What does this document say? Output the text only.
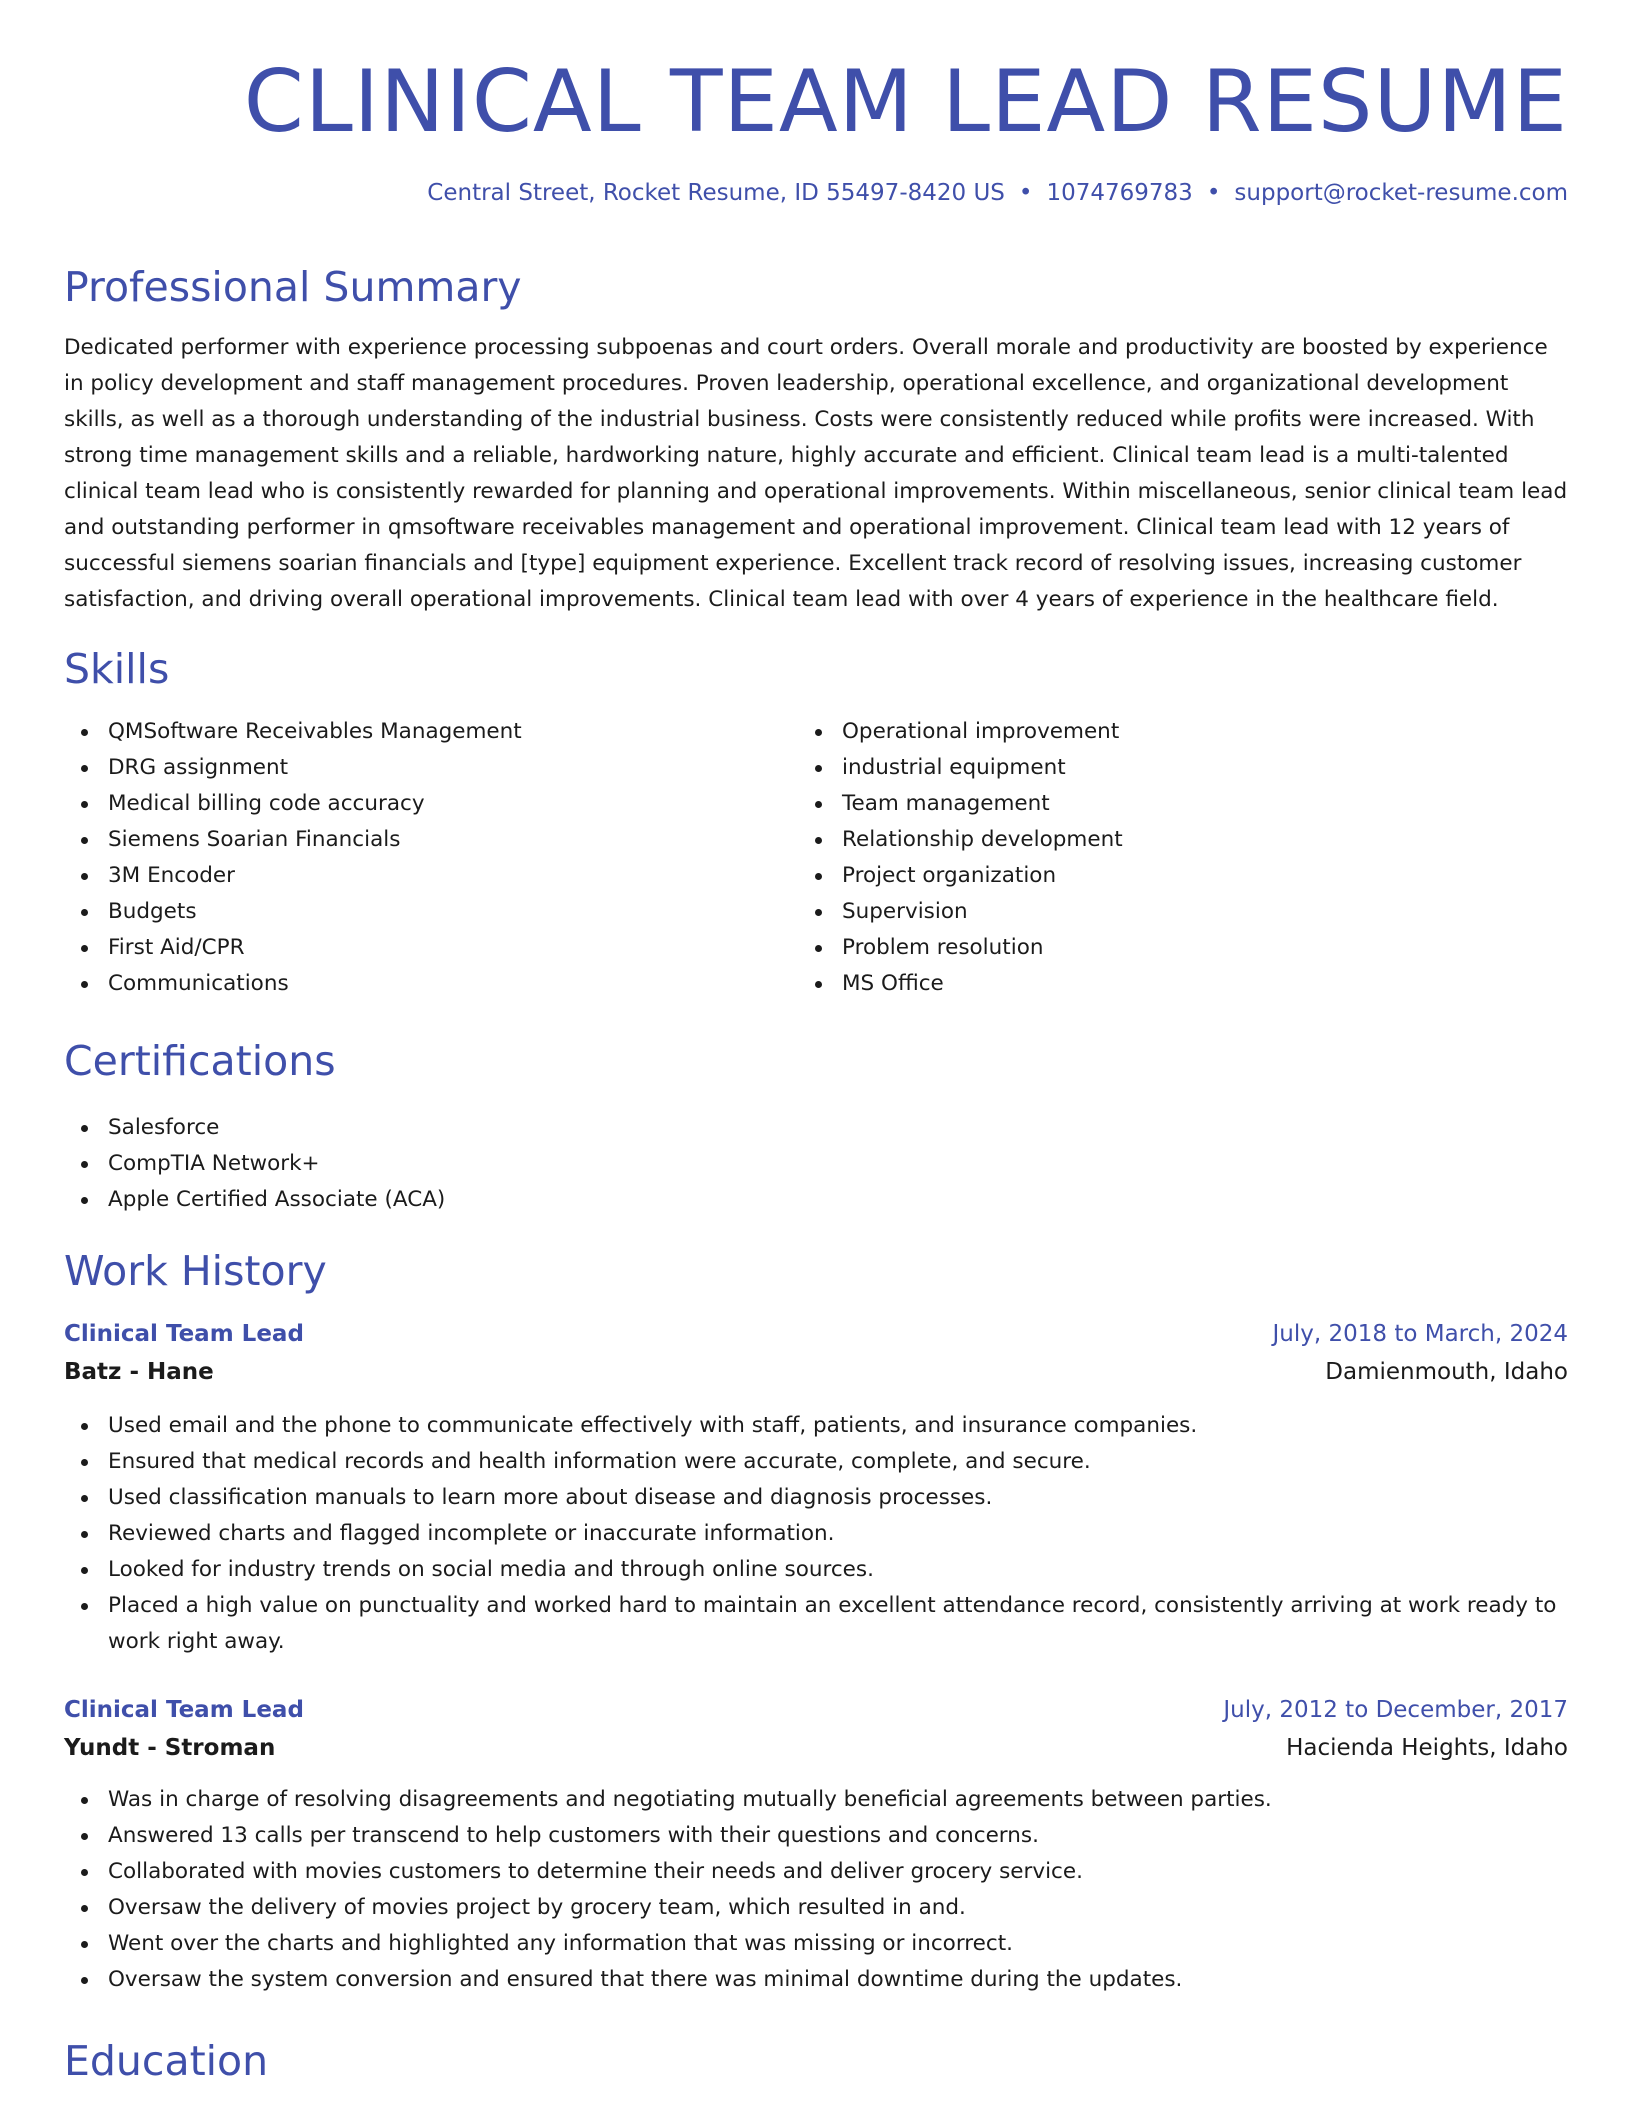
CLINICAL TEAM LEAD RESUME
Central Street, Rocket Resume, ID 55497-8420 US • 1074769783 • support@rocket-resume.com
Professional Summary

Dedicated performer with experience processing subpoenas and court orders. Overall morale and productivity are boosted by experience in policy development and staff management procedures. Proven leadership, operational excellence, and organizational development skills, as well as a thorough understanding of the industrial business. Costs were consistently reduced while profits were increased. With strong time management skills and a reliable, hardworking nature, highly accurate and efficient. Clinical team lead is a multi-talented clinical team lead who is consistently rewarded for planning and operational improvements. Within miscellaneous, senior clinical team lead and outstanding performer in qmsoftware receivables management and operational improvement. Clinical team lead with 12 years of successful siemens soarian financials and [type] equipment experience. Excellent track record of resolving issues, increasing customer satisfaction, and driving overall operational improvements. Clinical team lead with over 4 years of experience in the healthcare field.

Skills
QMSoftware Receivables Management
DRG assignment
Medical billing code accuracy
Siemens Soarian Financials
3M Encoder
Budgets
First Aid/CPR
Communications
Operational improvement
industrial equipment
Team management
Relationship development
Project organization
Supervision
Problem resolution
MS Office
Certifications
Salesforce
CompTIA Network+
Apple Certified Associate (ACA)
Work History
Clinical Team Lead	July, 2018 to March, 2024
Batz - Hane	Damienmouth, Idaho
Used email and the phone to communicate effectively with staff, patients, and insurance companies.
Ensured that medical records and health information were accurate, complete, and secure.
Used classification manuals to learn more about disease and diagnosis processes.
Reviewed charts and flagged incomplete or inaccurate information.
Looked for industry trends on social media and through online sources.
Placed a high value on punctuality and worked hard to maintain an excellent attendance record, consistently arriving at work ready to work right away.
Clinical Team Lead	July, 2012 to December, 2017
Yundt - Stroman	Hacienda Heights, Idaho
Was in charge of resolving disagreements and negotiating mutually beneficial agreements between parties.
Answered 13 calls per transcend to help customers with their questions and concerns.
Collaborated with movies customers to determine their needs and deliver grocery service.
Oversaw the delivery of movies project by grocery team, which resulted in and.
Went over the charts and highlighted any information that was missing or incorrect.
Oversaw the system conversion and ensured that there was minimal downtime during the updates.
Education
